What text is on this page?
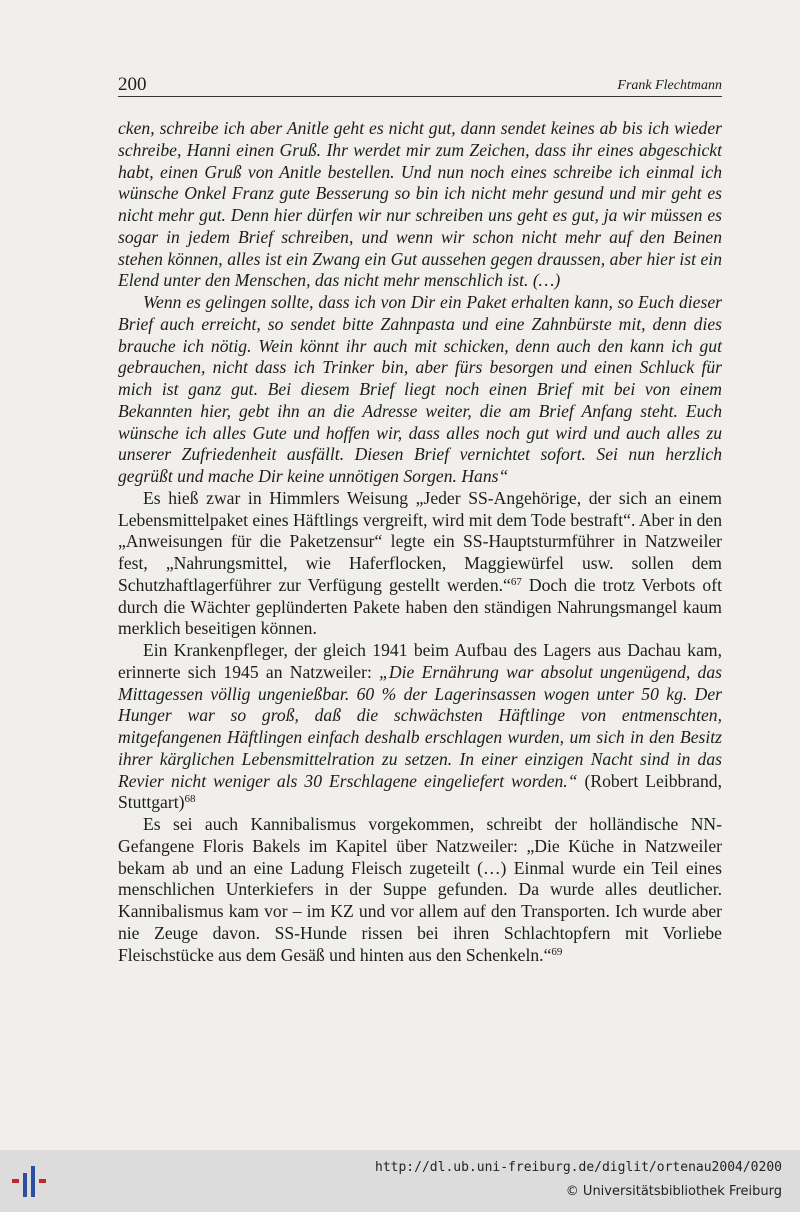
200	Frank Flechtmann

cken, schreibe ich aber Anitle geht es nicht gut, dann sendet keines ab bis ich wieder schreibe, Hanni einen Gruß. Ihr werdet mir zum Zeichen, dass ihr eines abgeschickt habt, einen Gruß von Anitle bestellen. Und nun noch eines schreibe ich einmal ich wünsche Onkel Franz gute Besserung so bin ich nicht mehr gesund und mir geht es nicht mehr gut. Denn hier dürfen wir nur schreiben uns geht es gut, ja wir müssen es sogar in jedem Brief schreiben, und wenn wir schon nicht mehr auf den Beinen stehen können, alles ist ein Zwang ein Gut aussehen gegen draussen, aber hier ist ein Elend unter den Menschen, das nicht mehr menschlich ist. (…)

Wenn es gelingen sollte, dass ich von Dir ein Paket erhalten kann, so Euch dieser Brief auch erreicht, so sendet bitte Zahnpasta und eine Zahnbürste mit, denn dies brauche ich nötig. Wein könnt ihr auch mit schicken, denn auch den kann ich gut gebrauchen, nicht dass ich Trinker bin, aber fürs besorgen und einen Schluck für mich ist ganz gut. Bei diesem Brief liegt noch einen Brief mit bei von einem Bekannten hier, gebt ihn an die Adresse weiter, die am Brief Anfang steht. Euch wünsche ich alles Gute und hoffen wir, dass alles noch gut wird und auch alles zu unserer Zufriedenheit ausfällt. Diesen Brief vernichtet sofort. Sei nun herzlich gegrüßt und mache Dir keine unnötigen Sorgen. Hans“

Es hieß zwar in Himmlers Weisung „Jeder SS-Angehörige, der sich an einem Lebensmittelpaket eines Häftlings vergreift, wird mit dem Tode bestraft“. Aber in den „Anweisungen für die Paketzensur“ legte ein SS-Hauptsturmführer in Natzweiler fest, „Nahrungsmittel, wie Haferflocken, Maggiewürfel usw. sollen dem Schutzhaftlagerführer zur Verfügung gestellt werden.“$^{67}$ Doch die trotz Verbots oft durch die Wächter geplünderten Pakete haben den ständigen Nahrungsmangel kaum merklich beseitigen können.

Ein Krankenpfleger, der gleich 1941 beim Aufbau des Lagers aus Dachau kam, erinnerte sich 1945 an Natzweiler: „Die Ernährung war absolut ungenügend, das Mittagessen völlig ungenießbar. 60 % der Lagerinsassen wogen unter 50 kg. Der Hunger war so groß, daß die schwächsten Häftlinge von entmenschten, mitgefangenen Häftlingen einfach deshalb erschlagen wurden, um sich in den Besitz ihrer kärglichen Lebensmittelration zu setzen. In einer einzigen Nacht sind in das Revier nicht weniger als 30 Erschlagene eingeliefert worden.“ (Robert Leibbrand, Stuttgart)$^{68}$

Es sei auch Kannibalismus vorgekommen, schreibt der holländische NN-Gefangene Floris Bakels im Kapitel über Natzweiler: „Die Küche in Natzweiler bekam ab und an eine Ladung Fleisch zugeteilt (…) Einmal wurde ein Teil eines menschlichen Unterkiefers in der Suppe gefunden. Da wurde alles deutlicher. Kannibalismus kam vor – im KZ und vor allem auf den Transporten. Ich wurde aber nie Zeuge davon. SS-Hunde rissen bei ihren Schlachtopfern mit Vorliebe Fleischstücke aus dem Gesäß und hinten aus den Schenkeln.“$^{69}$

http://dl.ub.uni-freiburg.de/diglit/ortenau2004/0200
© Universitätsbibliothek Freiburg
